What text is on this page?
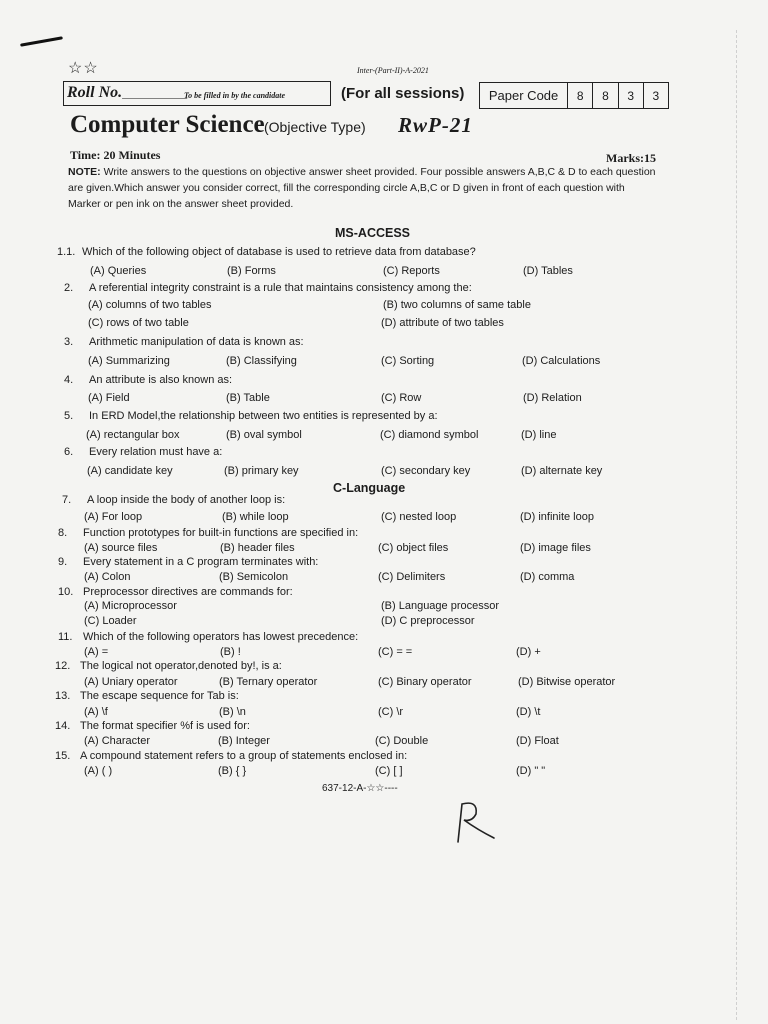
☆☆	Inter-(Part-II)-A-2021
Roll No._____________
To be filled in by the candidate	(For all sessions)	Paper Code	8	8	3	3
Computer Science (Objective Type) RwP-21
Time: 20 Minutes	Marks:15
NOTE: Write answers to the questions on objective answer sheet provided. Four possible answers A,B,C & D to each question are given.Which answer you consider correct, fill the corresponding circle A,B,C or D given in front of each question with Marker or pen ink on the answer sheet provided.
MS-ACCESS
C-Language
1.1. Which of the following object of database is used to retrieve data from database?
(A) Queries	(B) Forms	(C) Reports	(D) Tables
2. A referential integrity constraint is a rule that maintains consistency among the:
(A) columns of two tables	(B) two columns of same table
(C) rows of two table	(D) attribute of two tables
3. Arithmetic manipulation of data is known as:
(A) Summarizing	(B) Classifying	(C) Sorting	(D) Calculations
4. An attribute is also known as:
(A) Field	(B) Table	(C) Row	(D) Relation
5. In ERD Model,the relationship between two entities is represented by a:
(A) rectangular box	(B) oval symbol	(C) diamond symbol	(D) line
6. Every relation must have a:
(A) candidate key	(B) primary key	(C) secondary key	(D) alternate key
7. A loop inside the body of another loop is:
(A) For loop	(B) while loop	(C) nested loop	(D) infinite loop
8. Function prototypes for built-in functions are specified in:
(A) source files	(B) header files	(C) object files	(D) image files
9. Every statement in a C program terminates with:
(A) Colon	(B) Semicolon	(C) Delimiters	(D) comma
10. Preprocessor directives are commands for:
(A) Microprocessor	(B) Language processor
(C) Loader	(D) C preprocessor
11. Which of the following operators has lowest precedence:
(A) =	(B) !	(C) = =	(D) +
12. The logical not operator,denoted by!, is a:
(A) Uniary operator	(B) Ternary operator	(C) Binary operator	(D) Bitwise operator
13. The escape sequence for Tab is:
(A) \f	(B) \n	(C) \r	(D) \t
14. The format specifier %f is used for:
(A) Character	(B) Integer	(C) Double	(D) Float
15. A compound statement refers to a group of statements enclosed in:
(A) ( )	(B) { }	(C) [ ]	(D) " "
637-12-A-☆☆----
